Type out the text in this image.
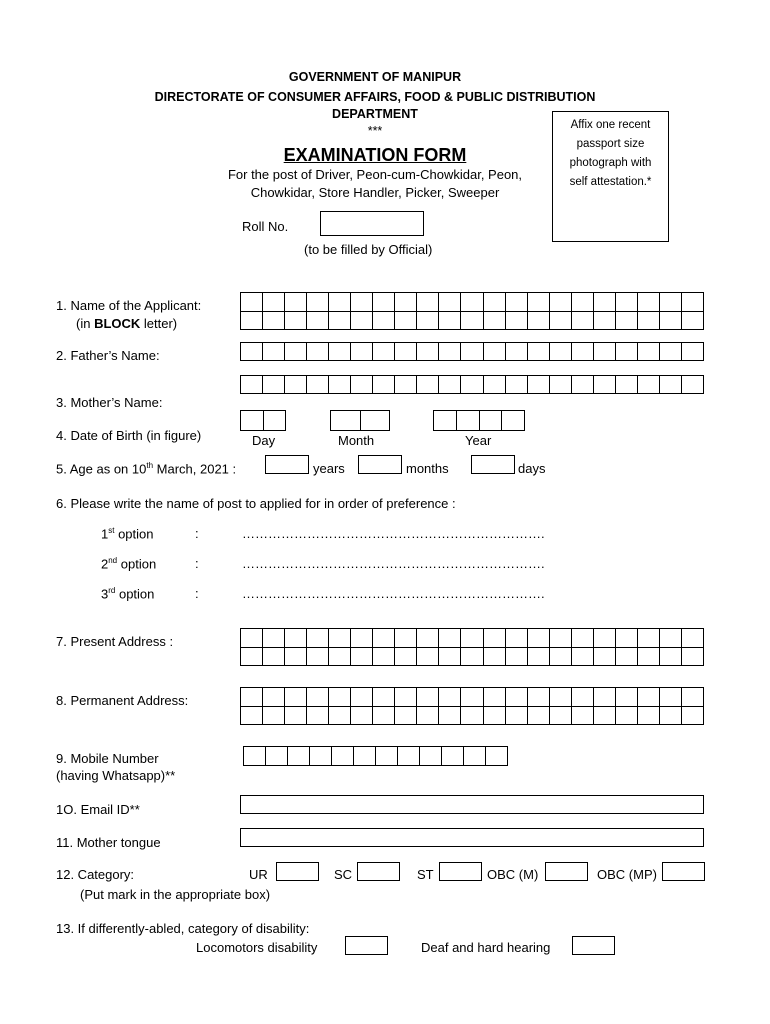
GOVERNMENT OF MANIPUR
DIRECTORATE OF CONSUMER AFFAIRS, FOOD & PUBLIC DISTRIBUTION
DEPARTMENT
***
EXAMINATION FORM
For the post of Driver, Peon-cum-Chowkidar, Peon,
Chowkidar, Store Handler, Picker, Sweeper
Affix one recent
passport size
photograph with
self attestation.*
Roll No.
(to be filled by Official)
1. Name of the Applicant:
(in BLOCK letter)
2. Father’s Name:
3. Mother’s Name:
4. Date of Birth (in figure)	Day	Month	Year
5. Age as on 10th March, 2021 :	years	months	days
6. Please write the name of post to applied for in order of preference :
1st option	:	…………………………………………………………….
2nd option	:	…………………………………………………………….
3rd option	:	…………………………………………………………….
7. Present Address :
8. Permanent Address:
9. Mobile Number
(having Whatsapp)**
1O. Email ID**
11. Mother tongue
12. Category:
(Put mark in the appropriate box)
UR	SC	ST	OBC (M)	OBC (MP)
13. If differently-abled, category of disability:
Locomotors disability	Deaf and hard hearing
